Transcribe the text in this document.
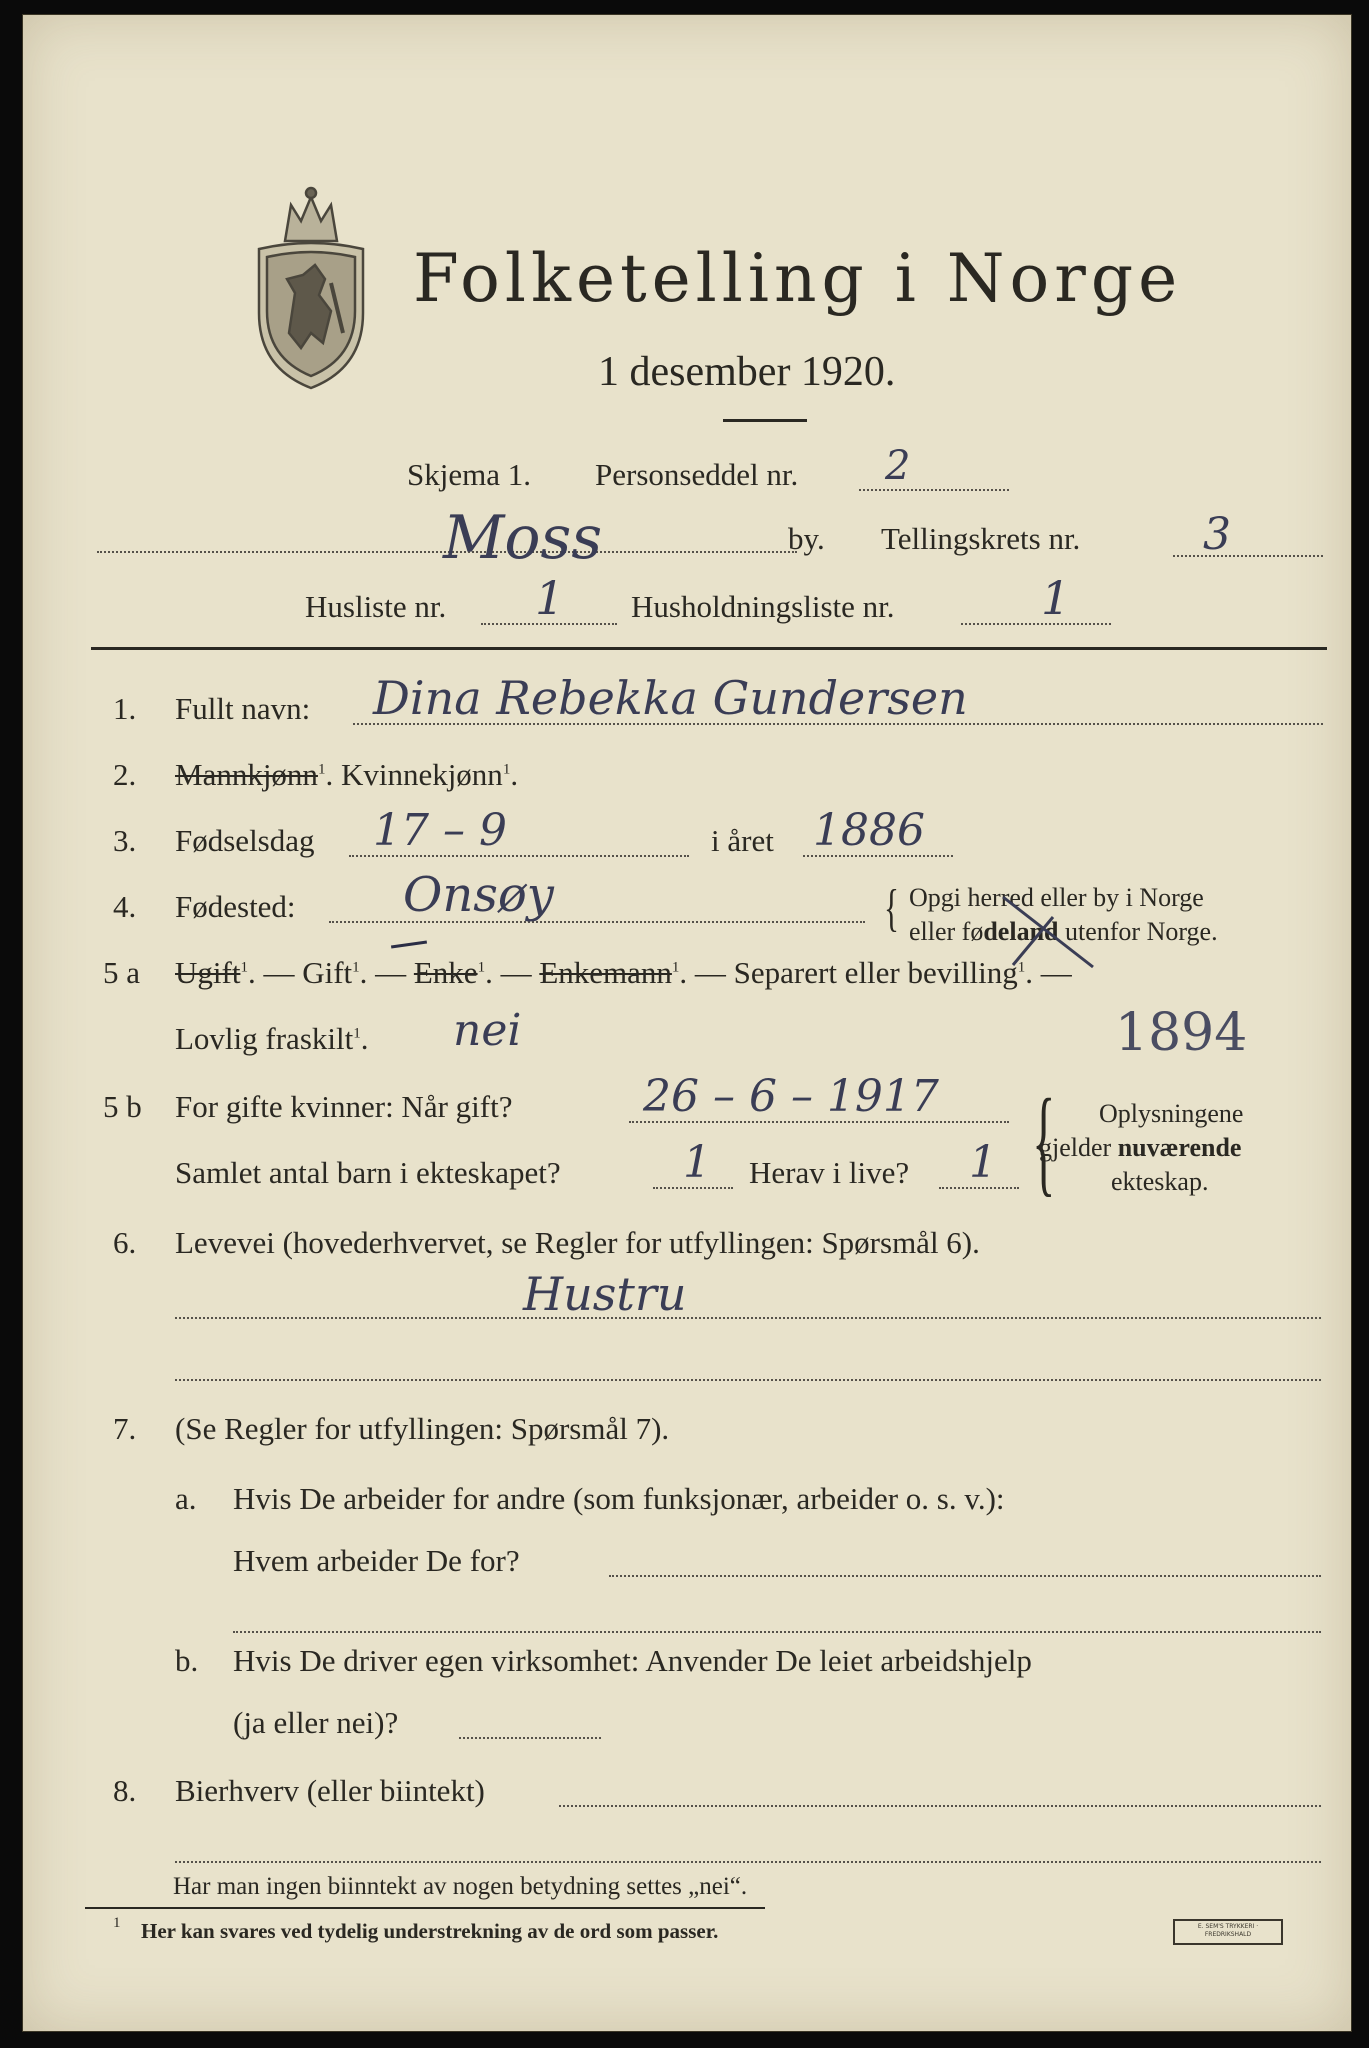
Folketelling i Norge
1 desember 1920.
Skjema 1. Personseddel nr. 2
Moss	by. Tellingskrets nr.	3
Husliste nr. 1 Husholdningsliste nr.	1
1. Fullt navn: Dina Rebekka Gundersen
2. Mannkjønn$^1$. Kvinnekjønn$^1$.
3. Fødselsdag 17 – 9	i året 1886
4. Fødested: Onsøy	{ Opgi herred eller by i Norge
eller fødeland utenfor Norge.
5 a Ugift$^1$. — Gift$^1$. — Enke$^1$. — Enkemann$^1$. — Separert eller bevilling$^1$. —
Lovlig fraskilt$^1$. nei	1894
5 b For gifte kvinner: Når gift?	26 – 6 – 1917
Samlet antal barn i ekteskapet?	1 Herav i live? 1 { Oplysningene
gjelder nuværende
ekteskap.
6. Levevei (hovederhvervet, se Regler for utfyllingen: Spørsmål 6).
Hustru
7. (Se Regler for utfyllingen: Spørsmål 7).
a. Hvis De arbeider for andre (som funksjonær, arbeider o. s. v.):
Hvem arbeider De for?
b. Hvis De driver egen virksomhet: Anvender De leiet arbeidshjelp
(ja eller nei)?
8. Bierhverv (eller biintekt)
Har man ingen biinntekt av nogen betydning settes „nei“.
1 Her kan svares ved tydelig understrekning av de ord som passer.	E. SEM'S TRYKKERI · FREDRIKSHALD
